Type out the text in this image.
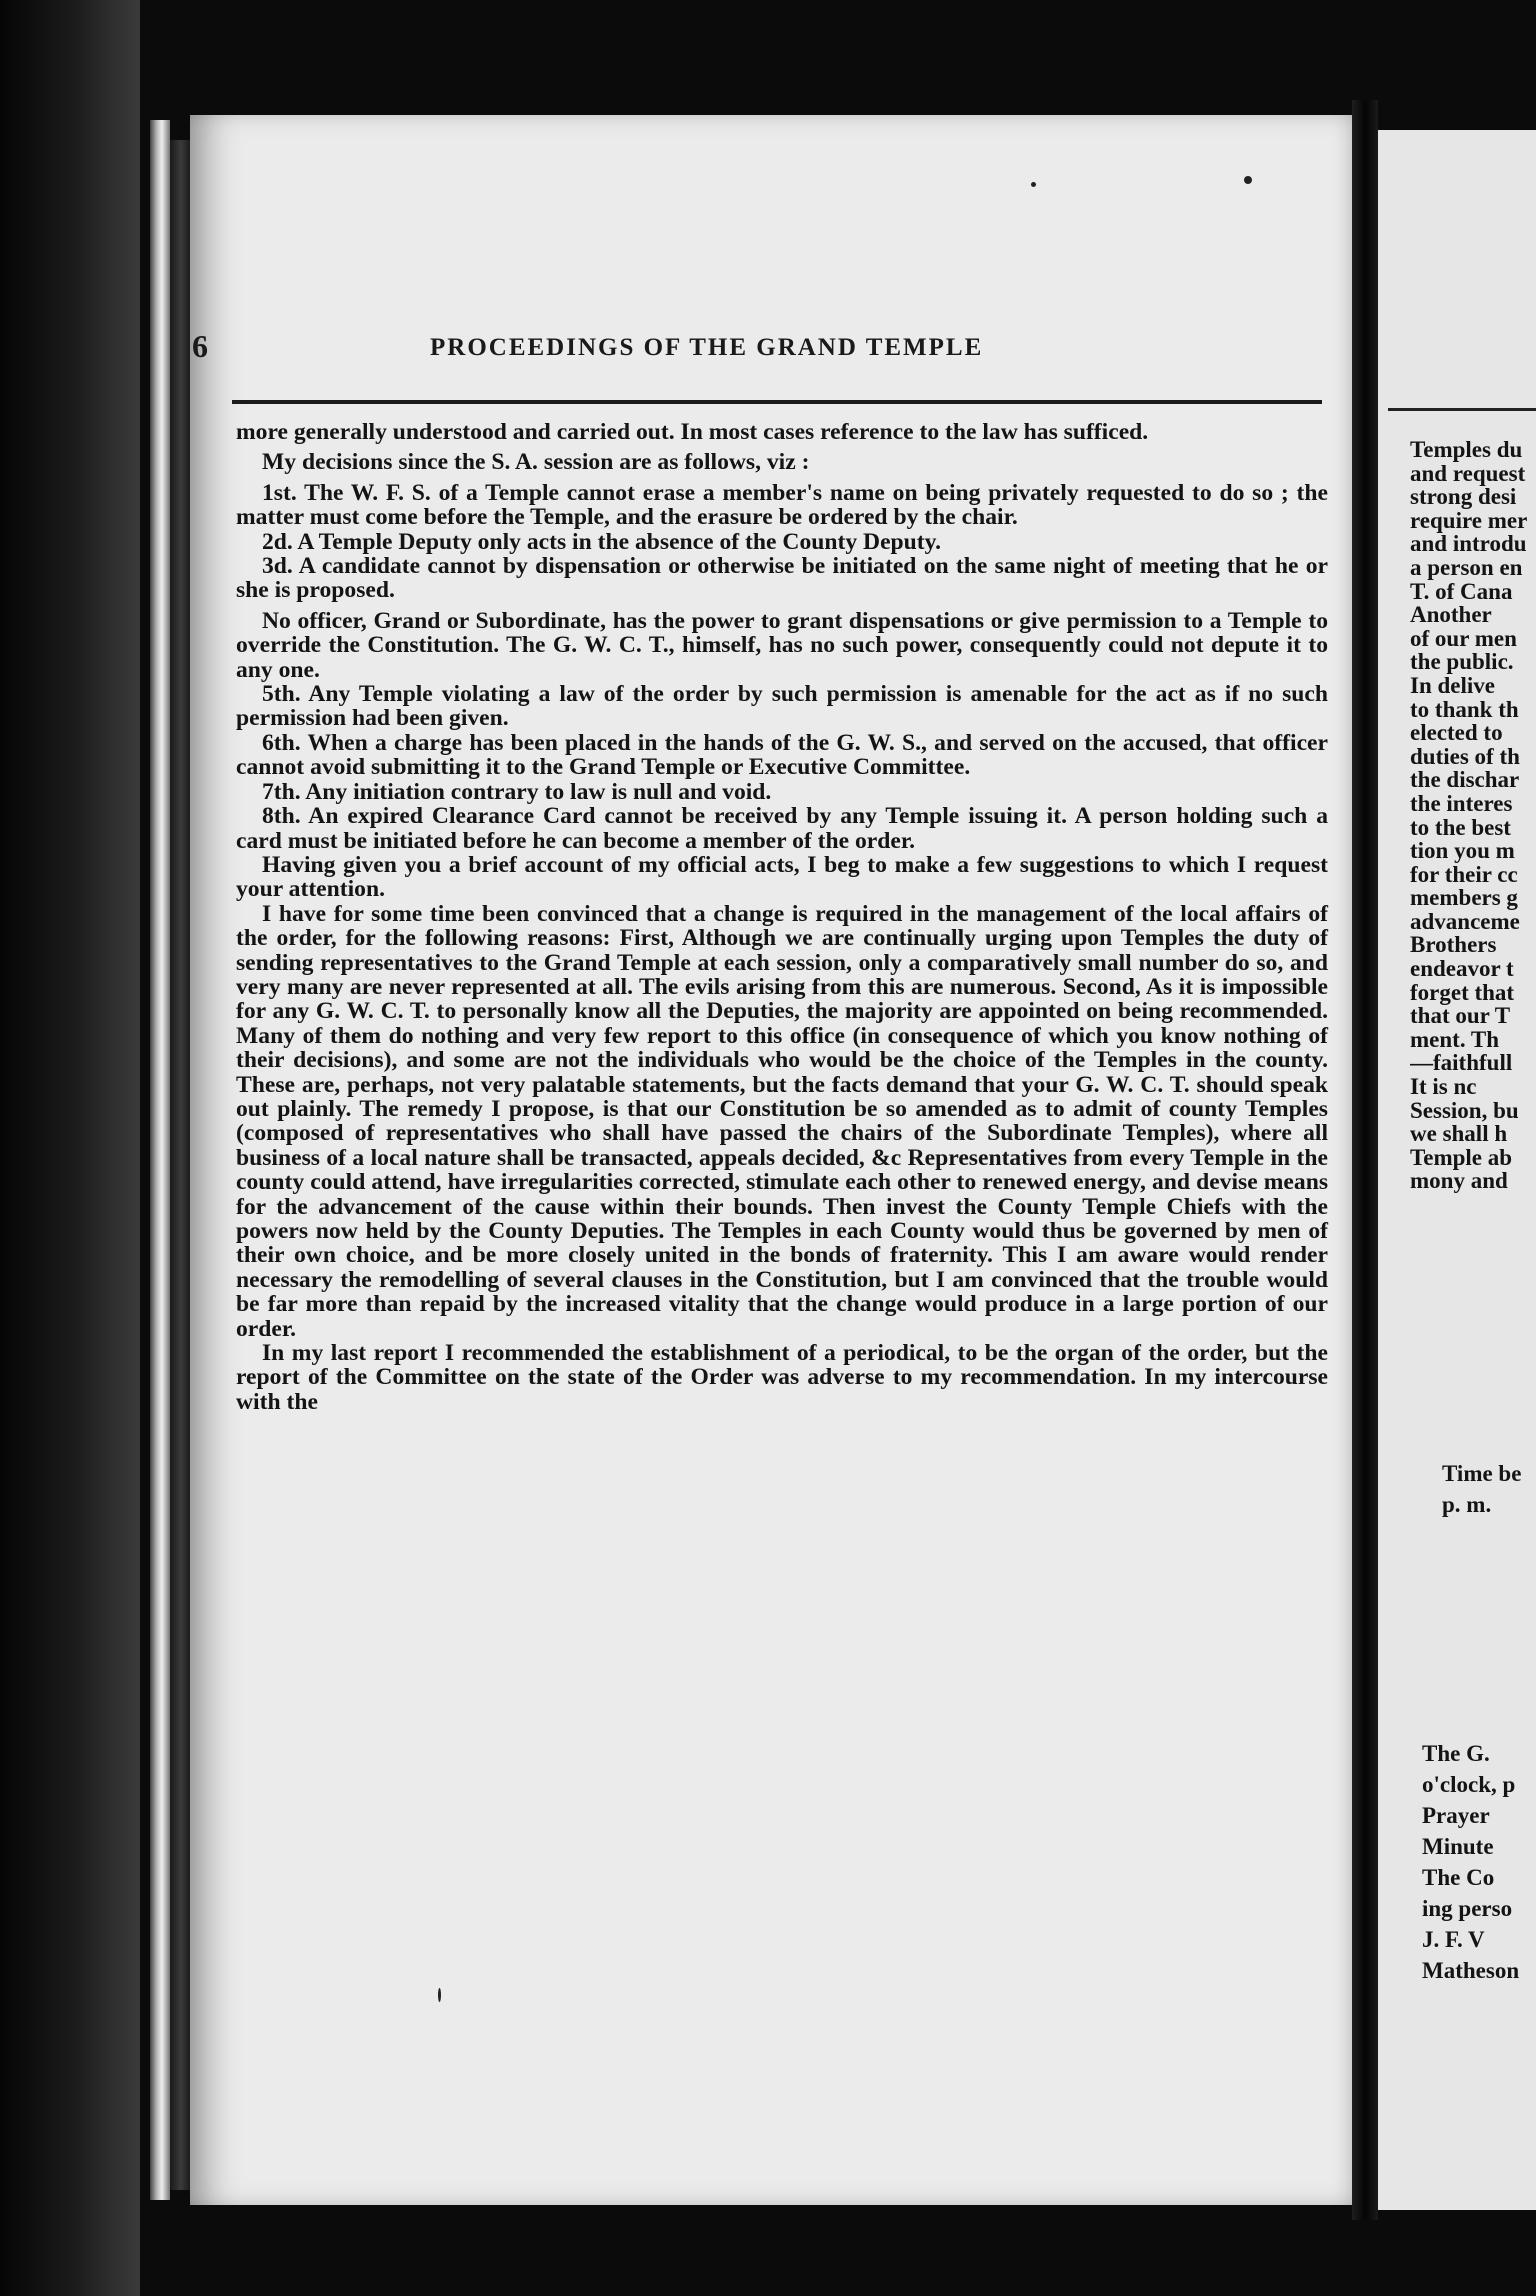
6	PROCEEDINGS OF THE GRAND TEMPLE

more generally understood and carried out. In most cases reference to the law has sufficed.

My decisions since the S. A. session are as follows, viz :

1st. The W. F. S. of a Temple cannot erase a member's name on being privately requested to do so ; the matter must come before the Temple, and the erasure be ordered by the chair.

2d. A Temple Deputy only acts in the absence of the County Deputy.

3d. A candidate cannot by dispensation or otherwise be initiated on the same night of meeting that he or she is proposed.

No officer, Grand or Subordinate, has the power to grant dispensations or give permission to a Temple to override the Constitution. The G. W. C. T., himself, has no such power, consequently could not depute it to any one.

5th. Any Temple violating a law of the order by such permission is amenable for the act as if no such permission had been given.

6th. When a charge has been placed in the hands of the G. W. S., and served on the accused, that officer cannot avoid submitting it to the Grand Temple or Executive Committee.

7th. Any initiation contrary to law is null and void.

8th. An expired Clearance Card cannot be received by any Temple issuing it. A person holding such a card must be initiated before he can become a member of the order.

Having given you a brief account of my official acts, I beg to make a few suggestions to which I request your attention.

I have for some time been convinced that a change is required in the management of the local affairs of the order, for the following reasons: First, Although we are continually urging upon Temples the duty of sending representatives to the Grand Temple at each session, only a comparatively small number do so, and very many are never represented at all. The evils arising from this are numerous. Second, As it is impossible for any G. W. C. T. to personally know all the Deputies, the majority are appointed on being recommended. Many of them do nothing and very few report to this office (in consequence of which you know nothing of their decisions), and some are not the individuals who would be the choice of the Temples in the county. These are, perhaps, not very palatable statements, but the facts demand that your G. W. C. T. should speak out plainly. The remedy I propose, is that our Constitution be so amended as to admit of county Temples (composed of representatives who shall have passed the chairs of the Subordinate Temples), where all business of a local nature shall be transacted, appeals decided, &c Representatives from every Temple in the county could attend, have irregularities corrected, stimulate each other to renewed energy, and devise means for the advancement of the cause within their bounds. Then invest the County Temple Chiefs with the powers now held by the County Deputies. The Temples in each County would thus be governed by men of their own choice, and be more closely united in the bonds of fraternity. This I am aware would render necessary the remodelling of several clauses in the Constitution, but I am convinced that the trouble would be far more than repaid by the increased vitality that the change would produce in a large portion of our order.

In my last report I recommended the establishment of a periodical, to be the organ of the order, but the report of the Committee on the state of the Order was adverse to my recommendation. In my intercourse with the

Temples du
and request
strong desi
require mer
and introdu
a person en
T. of Cana
Another
of our men
the public.
In delive
to thank th
elected to
duties of th
the dischar
the interes
to the best
tion you m
for their cc
members g
advanceme
Brothers
endeavor t
forget that
that our T
ment. Th
—faithfull
It is nc
Session, bu
we shall h
Temple ab
mony and
Time be
p. m.
The G.
o'clock, p
Prayer
Minute
The Co
ing perso
J. F. V
Matheson
